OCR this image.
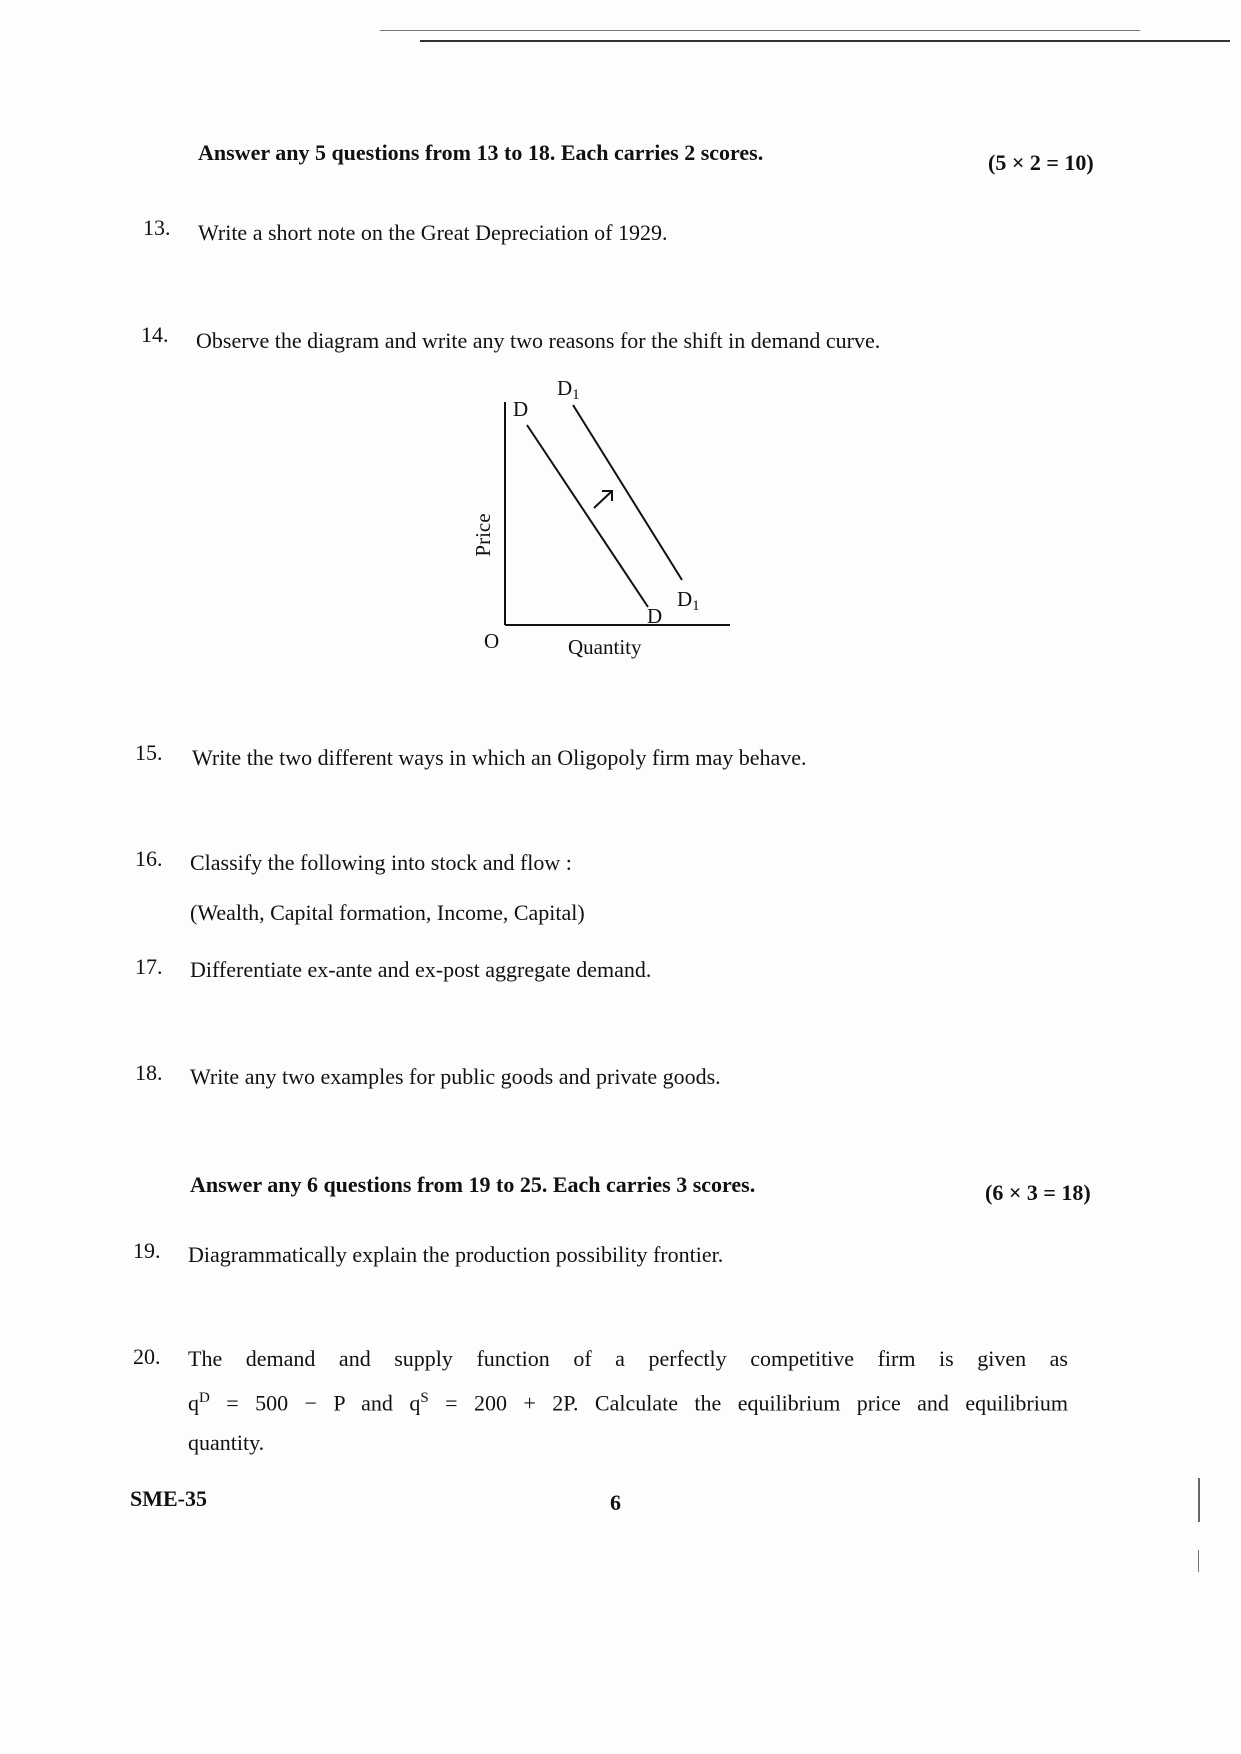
Answer any 5 questions from 13 to 18. Each carries 2 scores.	(5 × 2 = 10)
13. Write a short note on the Great Depreciation of 1929.
14. Observe the diagram and write any two reasons for the shift in demand curve.
D
D1
D
D1
O	Quantity
Price
15. Write the two different ways in which an Oligopoly firm may behave.
16. Classify the following into stock and flow :
(Wealth, Capital formation, Income, Capital)
17. Differentiate ex-ante and ex-post aggregate demand.
18. Write any two examples for public goods and private goods.
Answer any 6 questions from 19 to 25. Each carries 3 scores.	(6 × 3 = 18)
19. Diagrammatically explain the production possibility frontier.
20. The demand and supply function of a perfectly competitive firm is given as
$q^D = 500 - P$ and $q^S = 200 + 2P$. Calculate the equilibrium price and equilibrium
quantity.
SME-35	6
